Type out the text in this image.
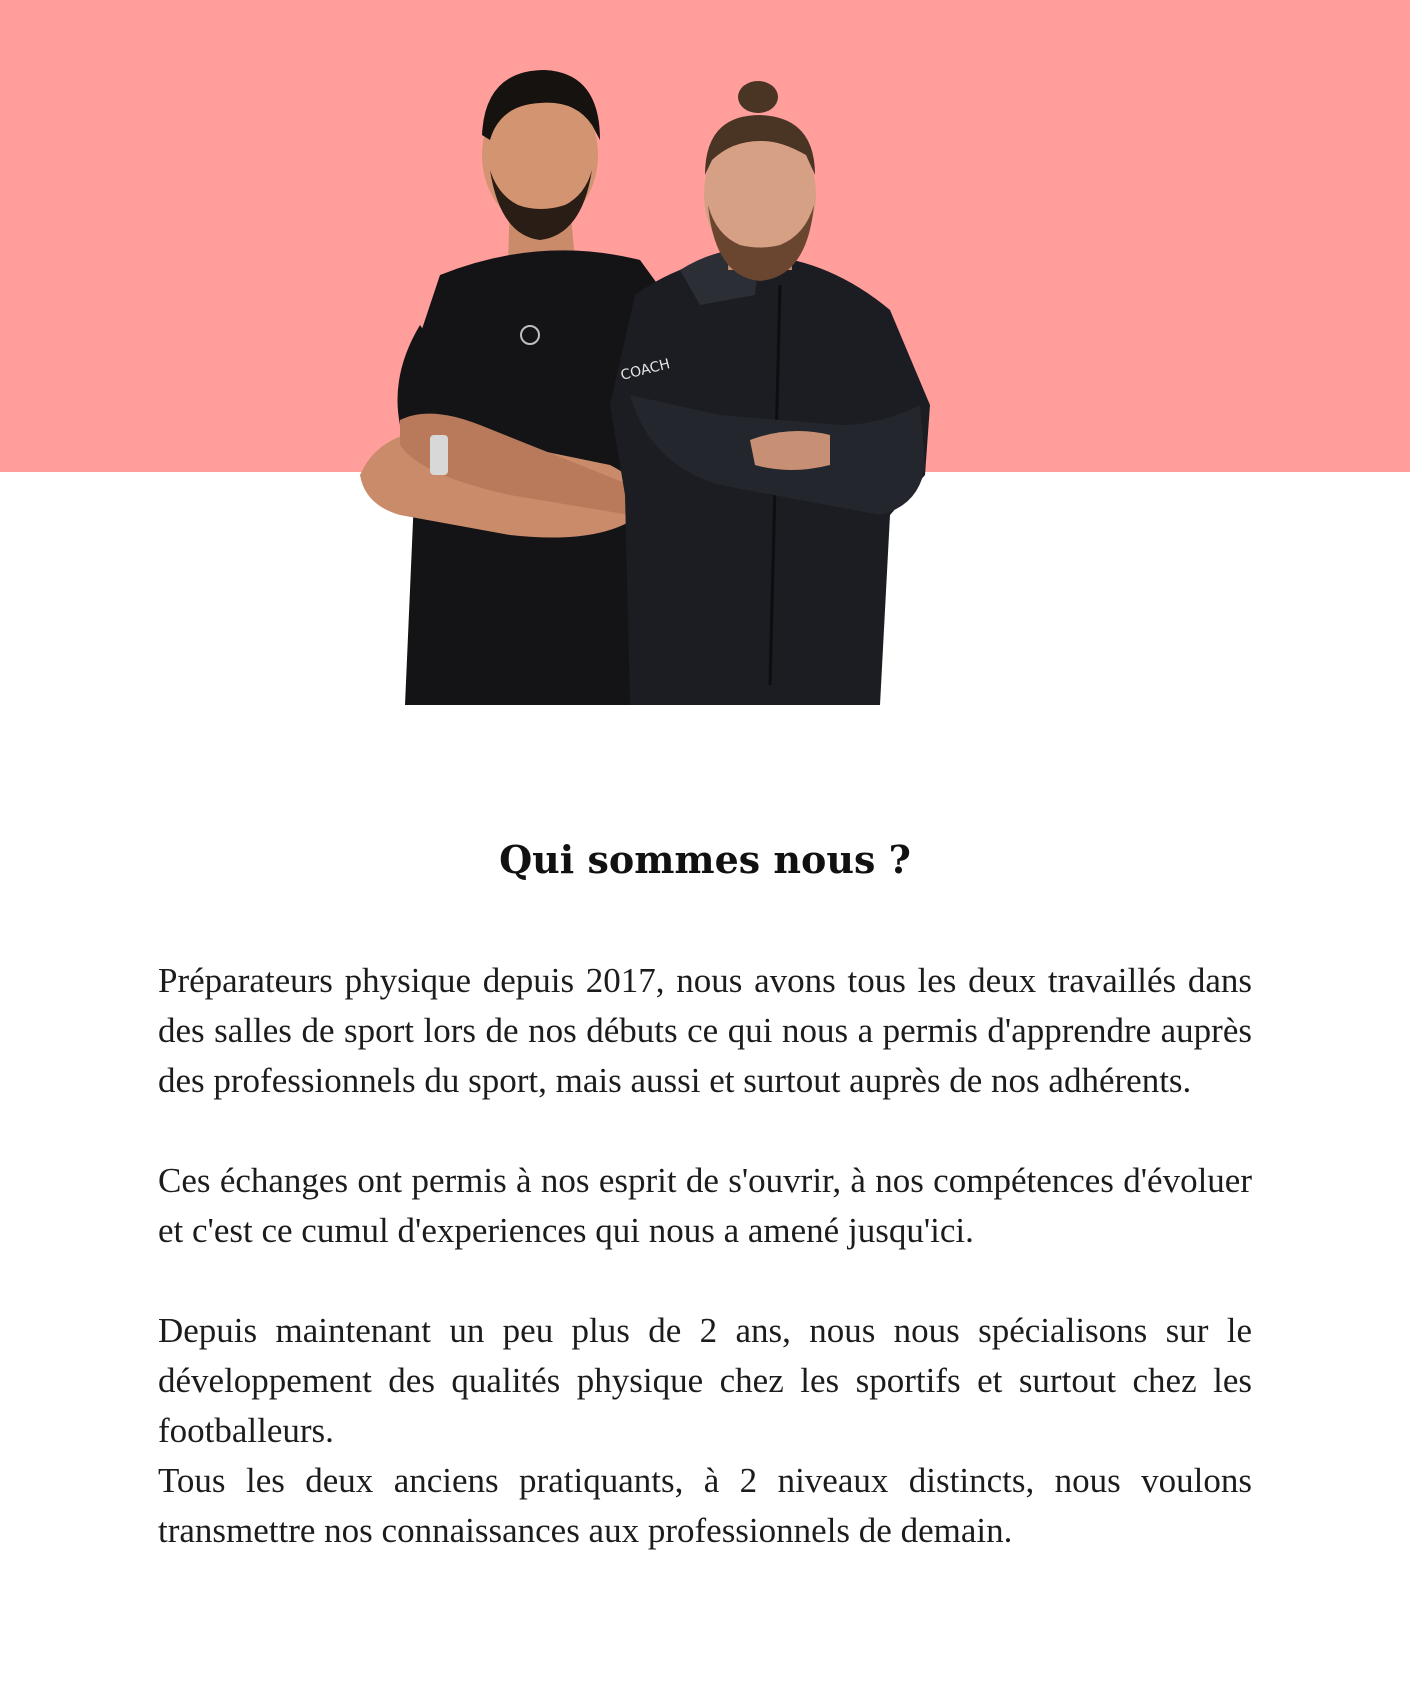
COACH
Qui sommes nous ?

Préparateurs physique depuis 2017, nous avons tous les deux travaillés dans des salles de sport lors de nos débuts ce qui nous a permis d'apprendre auprès des professionnels du sport, mais aussi et surtout auprès de nos adhérents.

Ces échanges ont permis à nos esprit de s'ouvrir, à nos compétences d'évoluer et c'est ce cumul d'experiences qui nous a amené jusqu'ici.

Depuis maintenant un peu plus de 2 ans, nous nous spécialisons sur le développement des qualités physique chez les sportifs et surtout chez les footballeurs.

Tous les deux anciens pratiquants, à 2 niveaux distincts, nous voulons transmettre nos connaissances aux professionnels de demain.
